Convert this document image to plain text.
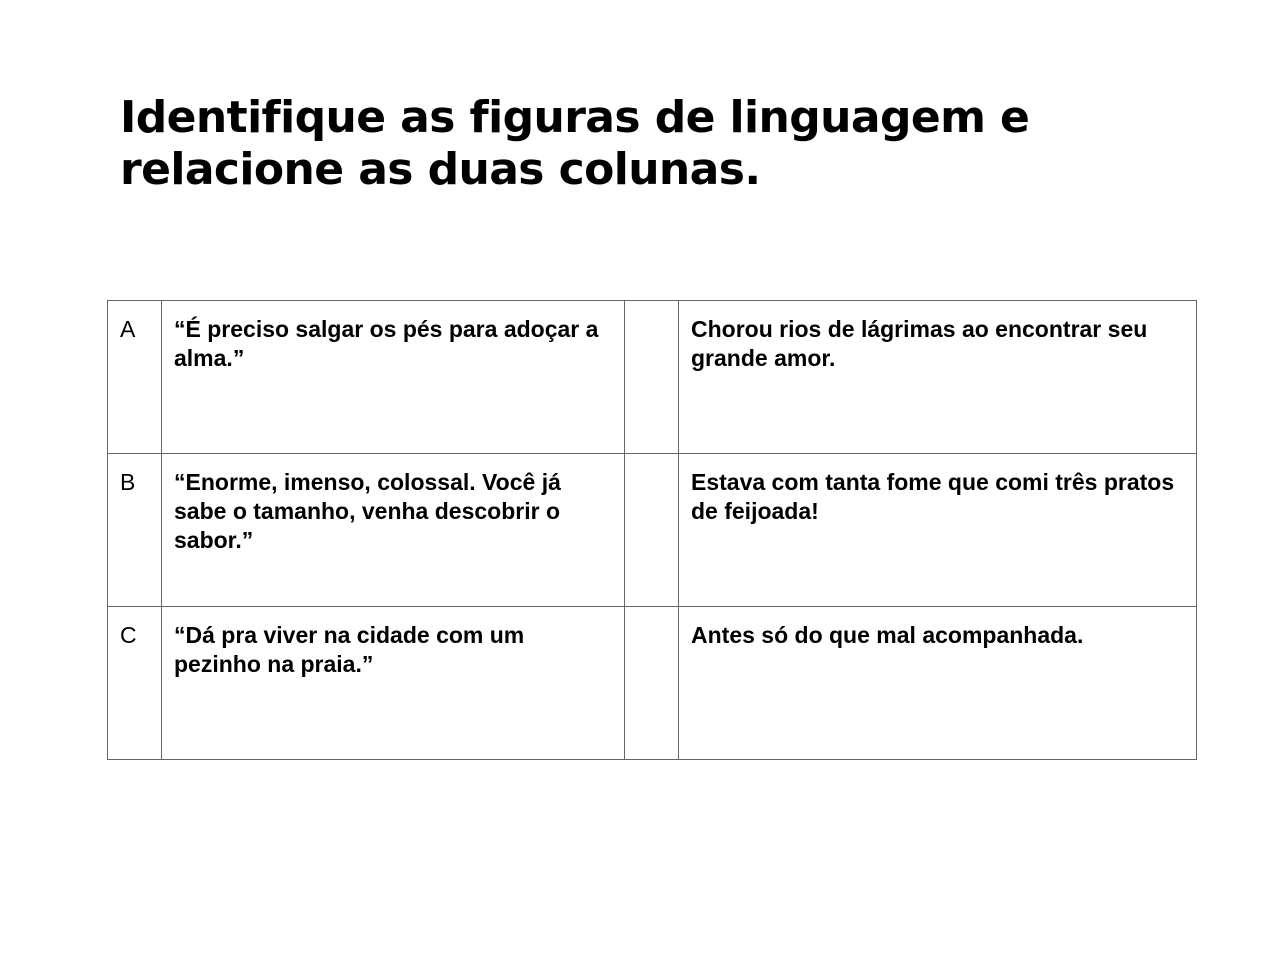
Identifique as figuras de linguagem e relacione as duas colunas.
A	“É preciso salgar os pés para adoçar a alma.”		Chorou rios de lágrimas ao encontrar seu grande amor.
B	“Enorme, imenso, colossal. Você já sabe o tamanho, venha descobrir o sabor.”		Estava com tanta fome que comi três pratos de feijoada!
C	“Dá pra viver na cidade com um pezinho na praia.”		Antes só do que mal acompanhada.
